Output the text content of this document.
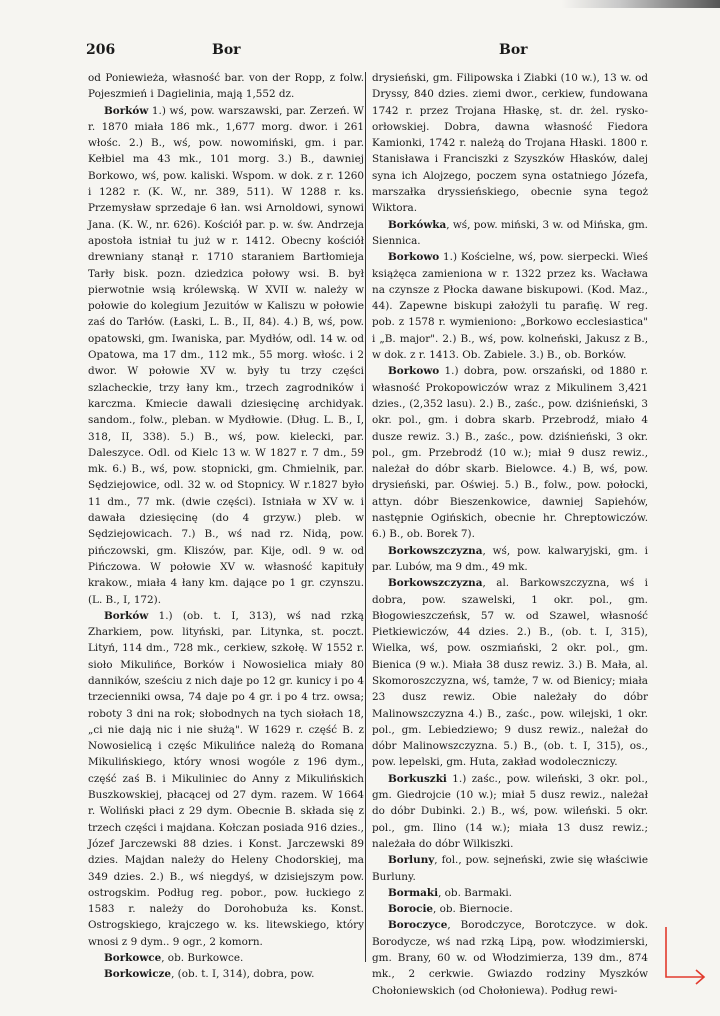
206	Bor	Bor

od Poniewieża, własność bar. von der Ropp, z folw. Pojeszmień i Dagielinia, mają 1,552 dz.

Borków 1.) wś, pow. warszawski, par. Zerzeń. W r. 1870 miała 186 mk., 1,677 morg. dwor. i 261 włośc. 2.) B., wś, pow. nowomiński, gm. i par. Kełbiel ma 43 mk., 101 morg. 3.) B., dawniej Borkowo, wś, pow. kaliski. Wspom. w dok. z r. 1260 i 1282 r. (K. W., nr. 389, 511). W 1288 r. ks. Przemysław sprzedaje 6 łan. wsi Arnoldowi, synowi Jana. (K. W., nr. 626). Kościół par. p. w. św. Andrzeja apostoła istniał tu już w r. 1412. Obecny kościół drewniany stanął r. 1710 staraniem Bartłomieja Tarły bisk. pozn. dziedzica połowy wsi. B. był pierwotnie wsią królewską. W XVII w. należy w połowie do kolegium Jezuitów w Kaliszu w połowie zaś do Tarłów. (Łaski, L. B., II, 84). 4.) B, wś, pow. opatowski, gm. Iwaniska, par. Mydłów, odl. 14 w. od Opatowa, ma 17 dm., 112 mk., 55 morg. włośc. i 2 dwor. W połowie XV w. były tu trzy części szlacheckie, trzy łany km., trzech zagrodników i karczma. Kmiecie dawali dziesięcinę archidyak. sandom., folw., pleban. w Mydłowie. (Dług. L. B., I, 318, II, 338). 5.) B., wś, pow. kielecki, par. Daleszyce. Odl. od Kielc 13 w. W 1827 r. 7 dm., 59 mk. 6.) B., wś, pow. stopnicki, gm. Chmielnik, par. Sędziejowice, odl. 32 w. od Stopnicy. W r.1827 było 11 dm., 77 mk. (dwie części). Istniała w XV w. i dawała dziesięcinę (do 4 grzyw.) pleb. w Sędziejowicach. 7.) B., wś nad rz. Nidą, pow. pińczowski, gm. Kliszów, par. Kije, odl. 9 w. od Pińczowa. W połowie XV w. własność kapituły krakow., miała 4 łany km. dające po 1 gr. czynszu. (L. B., I, 172).

Borków 1.) (ob. t. I, 313), wś nad rzką Zharkiem, pow. lityński, par. Litynka, st. poczt. Lityń, 114 dm., 728 mk., cerkiew, szkołę. W 1552 r. sioło Mikulińce, Borków i Nowosielica miały 80 danników, sześciu z nich daje po 12 gr. kunicy i po 4 trzecienniki owsa, 74 daje po 4 gr. i po 4 trz. owsa; roboty 3 dni na rok; słobodnych na tych siołach 18, „ci nie dają nic i nie służą". W 1629 r. część B. z Nowosielicą i częśc Mikulińce należą do Romana Mikulińskiego, który wnosi wogóle z 196 dym., część zaś B. i Mikuliniec do Anny z Mikulińskich Buszkowskiej, płacącej od 27 dym. razem. W 1664 r. Woliński płaci z 29 dym. Obecnie B. składa się z trzech części i majdana. Kołczan posiada 916 dzies., Józef Jarczewski 88 dzies. i Konst. Jarczewski 89 dzies. Majdan należy do Heleny Chodorskiej, ma 349 dzies. 2.) B., wś niegdyś, w dzisiejszym pow. ostrogskim. Podług reg. pobor., pow. łuckiego z 1583 r. należy do Dorohobuża ks. Konst. Ostrogskiego, krajczego w. ks. litewskiego, który wnosi z 9 dym.. 9 ogr., 2 komorn.

Borkowce, ob. Burkowce.

Borkowicze, (ob. t. I, 314), dobra, pow.

drysieński, gm. Filipowska i Ziabki (10 w.), 13 w. od Dryssy, 840 dzies. ziemi dwor., cerkiew, fundowana 1742 r. przez Trojana Hłaskę, st. dr. żel. rysko-orłowskiej. Dobra, dawna własność Fiedora Kamionki, 1742 r. należą do Trojana Hłaski. 1800 r. Stanisława i Franciszki z Szyszków Hłasków, dalej syna ich Alojzego, poczem syna ostatniego Józefa, marszałka dryssieńskiego, obecnie syna tegoż Wiktora.

Borkówka, wś, pow. miński, 3 w. od Mińska, gm. Siennica.

Borkowo 1.) Kościelne, wś, pow. sierpecki. Wieś książęca zamieniona w r. 1322 przez ks. Wacława na czynsze z Płocka dawane biskupowi. (Kod. Maz., 44). Zapewne biskupi założyli tu parafię. W reg. pob. z 1578 r. wymieniono: „Borkowo ecclesiastica" i „B. major". 2.) B., wś, pow. kolneński, Jakusz z B., w dok. z r. 1413. Ob. Zabiele. 3.) B., ob. Borków.

Borkowo 1.) dobra, pow. orszański, od 1880 r. własność Prokopowiczów wraz z Mikulinem 3,421 dzies., (2,352 lasu). 2.) B., zaśc., pow. dziśnieński, 3 okr. pol., gm. i dobra skarb. Przebrodź, miało 4 dusze rewiz. 3.) B., zaśc., pow. dziśnieński, 3 okr. pol., gm. Przebrodź (10 w.); miał 9 dusz rewiz., należał do dóbr skarb. Bielowce. 4.) B, wś, pow. drysieński, par. Oświej. 5.) B., folw., pow. połocki, attyn. dóbr Bieszenkowice, dawniej Sapiehów, następnie Ogińskich, obecnie hr. Chreptowiczów. 6.) B., ob. Borek 7).

Borkowszczyzna, wś, pow. kalwaryjski, gm. i par. Lubów, ma 9 dm., 49 mk.

Borkowszczyzna, al. Barkowszczyzna, wś i dobra, pow. szawelski, 1 okr. pol., gm. Błogowieszczeńsk, 57 w. od Szawel, własność Pietkiewiczów, 44 dzies. 2.) B., (ob. t. I, 315), Wielka, wś, pow. oszmiański, 2 okr. pol., gm. Bienica (9 w.). Miała 38 dusz rewiz. 3.) B. Mała, al. Skomoroszczyzna, wś, tamże, 7 w. od Bienicy; miała 23 dusz rewiz. Obie należały do dóbr Malinowszczyzna 4.) B., zaśc., pow. wilejski, 1 okr. pol., gm. Lebiedziewo; 9 dusz rewiz., należał do dóbr Malinowszczyzna. 5.) B., (ob. t. I, 315), os., pow. lepelski, gm. Huta, zakład wodoleczniczy.

Borkuszki 1.) zaśc., pow. wileński, 3 okr. pol., gm. Giedrojcie (10 w.); miał 5 dusz rewiz., należał do dóbr Dubinki. 2.) B., wś, pow. wileński. 5 okr. pol., gm. Ilino (14 w.); miała 13 dusz rewiz.; należała do dóbr Wilkiszki.

Borluny, fol., pow. sejneński, zwie się właściwie Burluny.

Bormaki, ob. Barmaki.

Borocie, ob. Biernocie.

Boroczyce, Borodczyce, Borotczyce. w dok. Borodycze, wś nad rzką Lipą, pow. włodzimierski, gm. Brany, 60 w. od Włodzimierza, 139 dm., 874 mk., 2 cerkwie. Gwiazdo rodziny Myszków Chołoniewskich (od Chołoniewa). Podług rewi-
